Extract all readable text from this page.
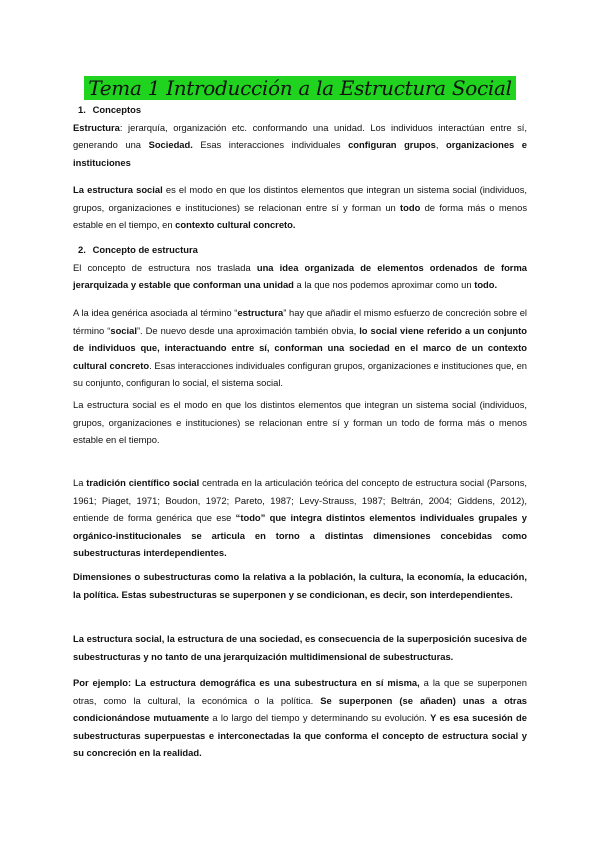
Tema 1 Introducción a la Estructura Social
1. Conceptos

Estructura: jerarquía, organización etc. conformando una unidad. Los individuos interactúan entre sí, generando una Sociedad. Esas interacciones individuales configuran grupos, organizaciones e instituciones

La estructura social es el modo en que los distintos elementos que integran un sistema social (individuos, grupos, organizaciones e instituciones) se relacionan entre sí y forman un todo de forma más o menos estable en el tiempo, en contexto cultural concreto.

2. Concepto de estructura

El concepto de estructura nos traslada una idea organizada de elementos ordenados de forma jerarquizada y estable que conforman una unidad a la que nos podemos aproximar como un todo.

A la idea genérica asociada al término “estructura” hay que añadir el mismo esfuerzo de concreción sobre el término “social”. De nuevo desde una aproximación también obvia, lo social viene referido a un conjunto de individuos que, interactuando entre sí, conforman una sociedad en el marco de un contexto cultural concreto. Esas interacciones individuales configuran grupos, organizaciones e instituciones que, en su conjunto, configuran lo social, el sistema social.

La estructura social es el modo en que los distintos elementos que integran un sistema social (individuos, grupos, organizaciones e instituciones) se relacionan entre sí y forman un todo de forma más o menos estable en el tiempo.

La tradición científico social centrada en la articulación teórica del concepto de estructura social (Parsons, 1961; Piaget, 1971; Boudon, 1972; Pareto, 1987; Levy-Strauss, 1987; Beltrán, 2004; Giddens, 2012), entiende de forma genérica que ese “todo” que integra distintos elementos individuales grupales y orgánico-institucionales se articula en torno a distintas dimensiones concebidas como subestructuras interdependientes.

Dimensiones o subestructuras como la relativa a la población, la cultura, la economía, la educación, la política. Estas subestructuras se superponen y se condicionan, es decir, son interdependientes.

La estructura social, la estructura de una sociedad, es consecuencia de la superposición sucesiva de subestructuras y no tanto de una jerarquización multidimensional de subestructuras.

Por ejemplo: La estructura demográfica es una subestructura en sí misma, a la que se superponen otras, como la cultural, la económica o la política. Se superponen (se añaden) unas a otras condicionándose mutuamente a lo largo del tiempo y determinando su evolución. Y es esa sucesión de subestructuras superpuestas e interconectadas la que conforma el concepto de estructura social y su concreción en la realidad.
